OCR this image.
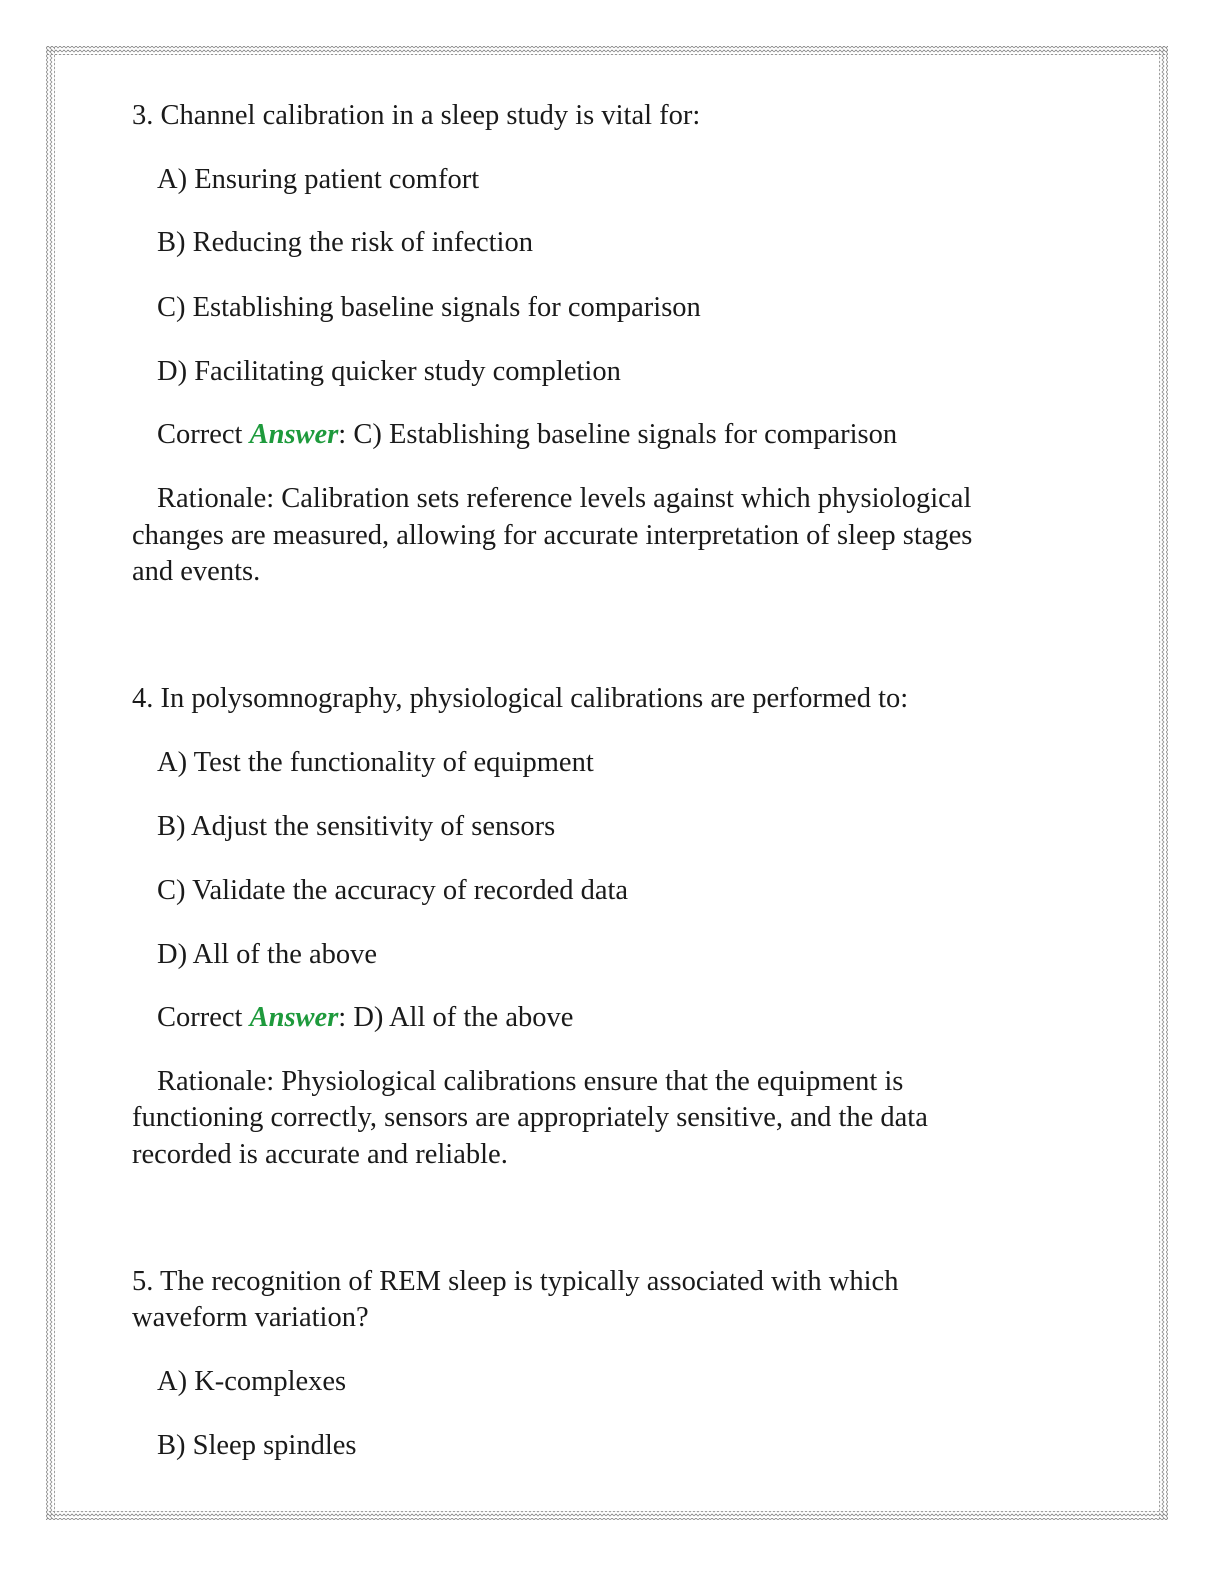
3. Channel calibration in a sleep study is vital for:
A) Ensuring patient comfort
B) Reducing the risk of infection
C) Establishing baseline signals for comparison
D) Facilitating quicker study completion
Correct Answer: C) Establishing baseline signals for comparison
Rationale: Calibration sets reference levels against which physiological
changes are measured, allowing for accurate interpretation of sleep stages
and events.
4. In polysomnography, physiological calibrations are performed to:
A) Test the functionality of equipment
B) Adjust the sensitivity of sensors
C) Validate the accuracy of recorded data
D) All of the above
Correct Answer: D) All of the above
Rationale: Physiological calibrations ensure that the equipment is
functioning correctly, sensors are appropriately sensitive, and the data
recorded is accurate and reliable.
5. The recognition of REM sleep is typically associated with which
waveform variation?
A) K-complexes
B) Sleep spindles
